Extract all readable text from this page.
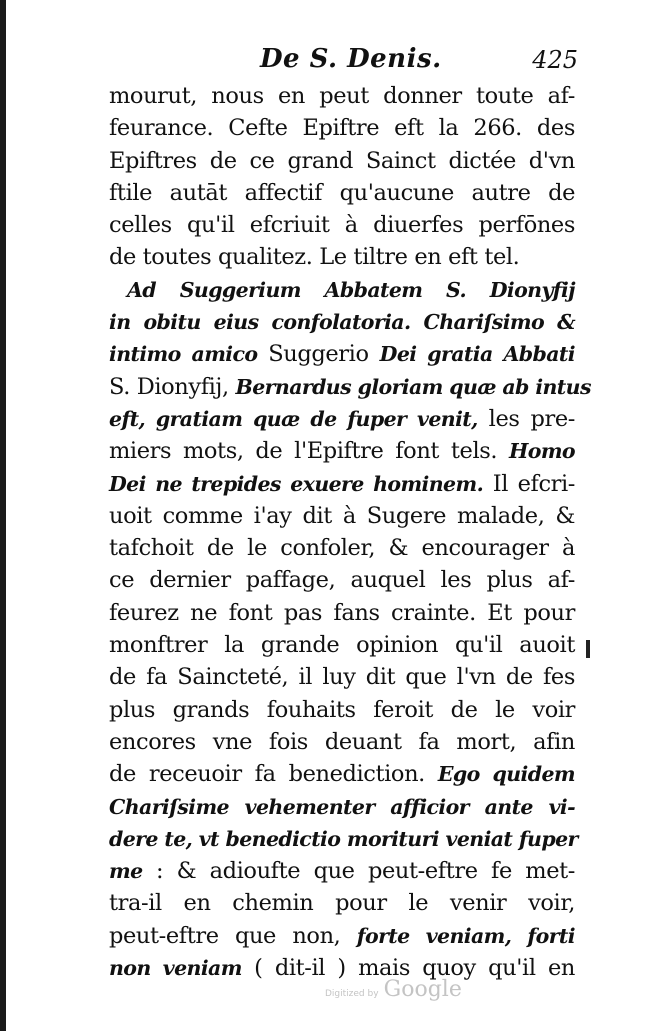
De S. Denis.	425
mourut, nous en peut donner toute af-
feurance. Cefte Epiftre eft la 266. des
Epiftres de ce grand Sainct dictée d'vn
ftile autāt affectif qu'aucune autre de
celles qu'il efcriuit à diuerfes perfōnes
de toutes qualitez. Le tiltre en eft tel.
Ad Suggerium Abbatem S. Dionyfij
in obitu eius confolatoria. Chariſsimo &
intimo amico Suggerio Dei gratia Abbati
S. Dionyfij, Bernardus gloriam quæ ab intus
eft, gratiam quæ de fuper venit, les pre-
miers mots, de l'Epiftre font tels. Homo
Dei ne trepides exuere hominem. Il efcri-
uoit comme i'ay dit à Sugere malade, &
tafchoit de le confoler, & encourager à
ce dernier paffage, auquel les plus af-
feurez ne font pas fans crainte. Et pour
monftrer la grande opinion qu'il auoit
de fa Saincteté, il luy dit que l'vn de fes
plus grands fouhaits feroit de le voir
encores vne fois deuant fa mort, afin
de receuoir fa benediction. Ego quidem
Chariſsime vehementer afficior ante vi-
dere te, vt benedictio morituri veniat fuper
me : & adioufte que peut-eftre fe met-
tra-il en chemin pour le venir voir,
peut-eftre que non, forte veniam, forti
non veniam ( dit-il ) mais quoy qu'il en
Digitized by Google
